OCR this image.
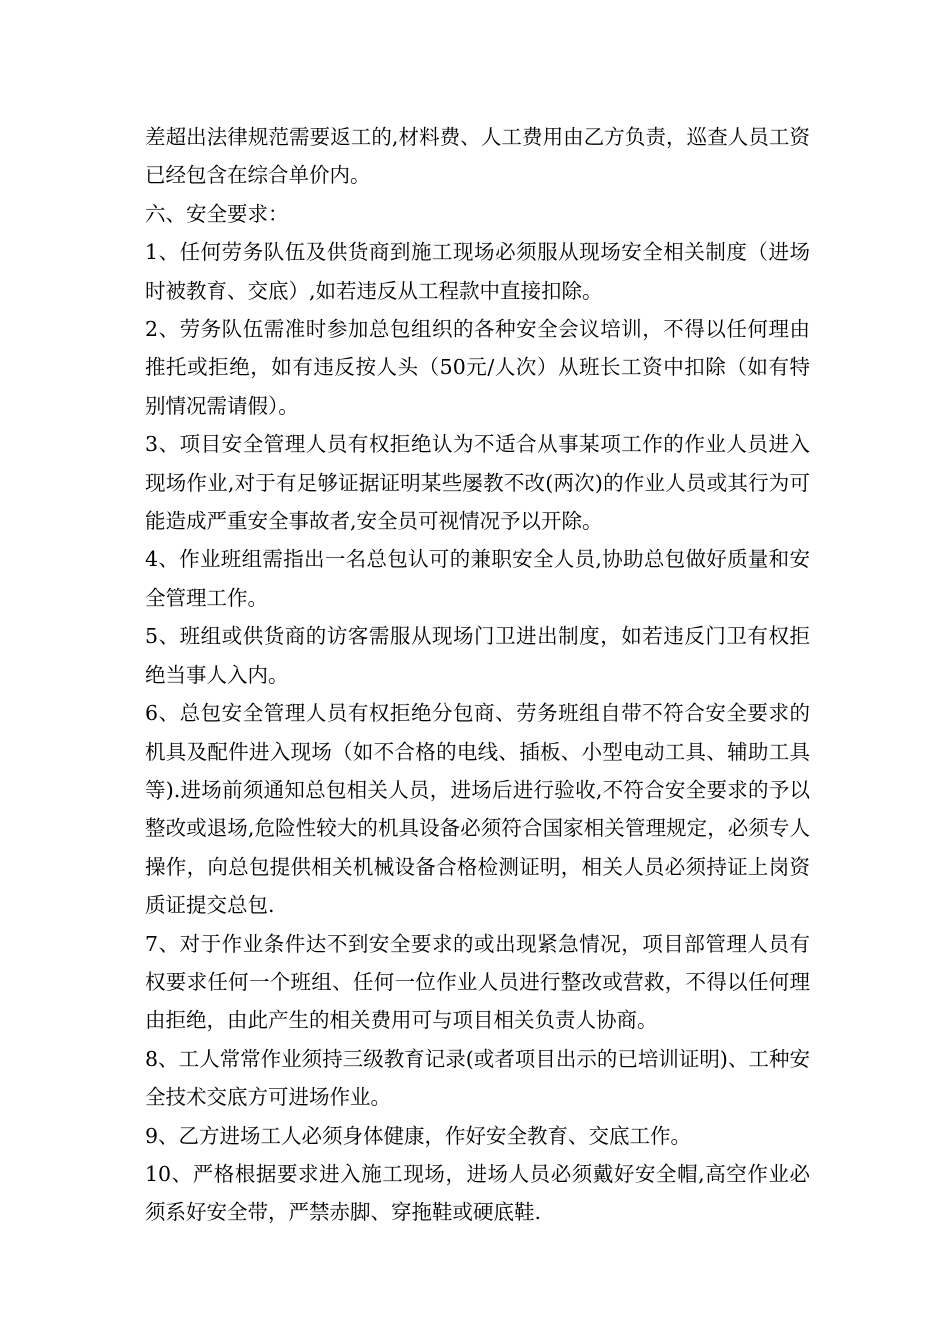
差超出法律规范需要返工的,材料费、人工费用由乙方负责，巡查人员工资已经包含在综合单价内。

六、安全要求：

1、任何劳务队伍及供货商到施工现场必须服从现场安全相关制度（进场时被教育、交底）,如若违反从工程款中直接扣除。

2、劳务队伍需准时参加总包组织的各种安全会议培训，不得以任何理由推托或拒绝，如有违反按人头（50元/人次）从班长工资中扣除（如有特别情况需请假）。

3、项目安全管理人员有权拒绝认为不适合从事某项工作的作业人员进入现场作业,对于有足够证据证明某些屡教不改(两次)的作业人员或其行为可能造成严重安全事故者,安全员可视情况予以开除。

4、作业班组需指出一名总包认可的兼职安全人员,协助总包做好质量和安全管理工作。

5、班组或供货商的访客需服从现场门卫进出制度，如若违反门卫有权拒绝当事人入内。

6、总包安全管理人员有权拒绝分包商、劳务班组自带不符合安全要求的机具及配件进入现场（如不合格的电线、插板、小型电动工具、辅助工具等).进场前须通知总包相关人员，进场后进行验收,不符合安全要求的予以整改或退场,危险性较大的机具设备必须符合国家相关管理规定，必须专人操作，向总包提供相关机械设备合格检测证明，相关人员必须持证上岗资质证提交总包.

7、对于作业条件达不到安全要求的或出现紧急情况，项目部管理人员有权要求任何一个班组、任何一位作业人员进行整改或营救，不得以任何理由拒绝，由此产生的相关费用可与项目相关负责人协商。

8、工人常常作业须持三级教育记录(或者项目出示的已培训证明)、工种安全技术交底方可进场作业。

9、乙方进场工人必须身体健康，作好安全教育、交底工作。

10、严格根据要求进入施工现场，进场人员必须戴好安全帽,高空作业必须系好安全带，严禁赤脚、穿拖鞋或硬底鞋.
